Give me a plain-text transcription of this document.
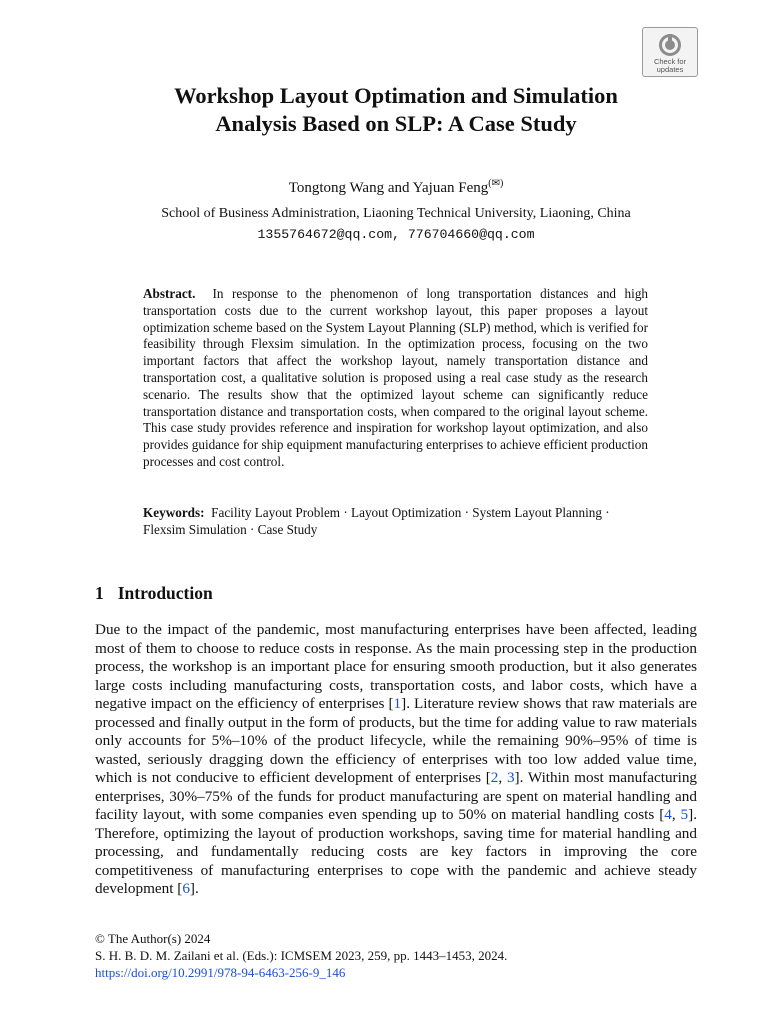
Check for
updates
Workshop Layout Optimation and Simulation
Analysis Based on SLP: A Case Study
Tongtong Wang and Yajuan Feng(✉)
School of Business Administration, Liaoning Technical University, Liaoning, China
1355764672@qq.com, 776704660@qq.com

Abstract. In response to the phenomenon of long transportation distances and high transportation costs due to the current workshop layout, this paper proposes a layout optimization scheme based on the System Layout Planning (SLP) method, which is verified for feasibility through Flexsim simulation. In the optimization process, focusing on the two important factors that affect the workshop layout, namely transportation distance and transportation cost, a qualitative solution is proposed using a real case study as the research scenario. The results show that the optimized layout scheme can significantly reduce transportation distance and transportation costs, when compared to the original layout scheme. This case study provides reference and inspiration for workshop layout optimization, and also provides guidance for ship equipment manufacturing enterprises to achieve efficient production processes and cost control.

Keywords: Facility Layout Problem · Layout Optimization · System Layout Planning · Flexsim Simulation · Case Study

1 Introduction

Due to the impact of the pandemic, most manufacturing enterprises have been affected, leading most of them to choose to reduce costs in response. As the main processing step in the production process, the workshop is an important place for ensuring smooth production, but it also generates large costs including manufacturing costs, transportation costs, and labor costs, which have a negative impact on the efficiency of enterprises [1]. Literature review shows that raw materials are processed and finally output in the form of products, but the time for adding value to raw materials only accounts for 5%–10% of the product lifecycle, while the remaining 90%–95% of time is wasted, seriously dragging down the efficiency of enterprises with too low added value time, which is not conducive to efficient development of enterprises [2, 3]. Within most manufacturing enterprises, 30%–75% of the funds for product manufacturing are spent on material handling and facility layout, with some companies even spending up to 50% on material handling costs [4, 5]. Therefore, optimizing the layout of production workshops, saving time for material handling and processing, and fundamentally reducing costs are key factors in improving the core competitiveness of manufacturing enterprises to cope with the pandemic and achieve steady development [6].

© The Author(s) 2024
S. H. B. D. M. Zailani et al. (Eds.): ICMSEM 2023, 259, pp. 1443–1453, 2024.
https://doi.org/10.2991/978-94-6463-256-9_146
